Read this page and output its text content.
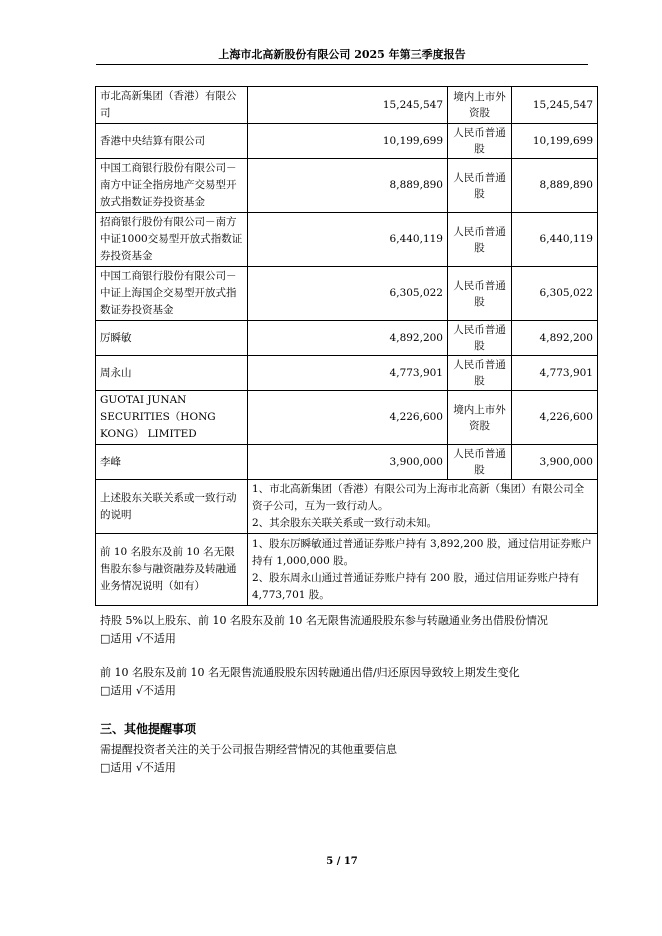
上海市北高新股份有限公司 2025 年第三季度报告
市北高新集团（香港）有限公司	15,245,547	境内上市外资股	15,245,547
香港中央结算有限公司	10,199,699	人民币普通股	10,199,699
中国工商银行股份有限公司－南方中证全指房地产交易型开放式指数证券投资基金	8,889,890	人民币普通股	8,889,890
招商银行股份有限公司－南方中证1000交易型开放式指数证券投资基金	6,440,119	人民币普通股	6,440,119
中国工商银行股份有限公司－中证上海国企交易型开放式指数证券投资基金	6,305,022	人民币普通股	6,305,022
厉瞬敏	4,892,200	人民币普通股	4,892,200
周永山	4,773,901	人民币普通股	4,773,901
GUOTAI JUNAN SECURITIES（HONG KONG） LIMITED	4,226,600	境内上市外资股	4,226,600
李峰	3,900,000	人民币普通股	3,900,000
上述股东关联关系或一致行动的说明	1、市北高新集团（香港）有限公司为上海市北高新（集团）有限公司全资子公司，互为一致行动人。
2、其余股东关联关系或一致行动未知。		

前 10 名股东及前 10 名无限售股东参与融资融券及转融通业务情况说明（如有）	1、股东厉瞬敏通过普通证券账户持有 3,892,200 股，通过信用证券账户持有 1,000,000 股。
2、股东周永山通过普通证券账户持有 200 股，通过信用证券账户持有 4,773,701 股。		
持股 5%以上股东、前 10 名股东及前 10 名无限售流通股股东参与转融通业务出借股份情况
□适用 √不适用
前 10 名股东及前 10 名无限售流通股股东因转融通出借/归还原因导致较上期发生变化
□适用 √不适用
三、其他提醒事项
需提醒投资者关注的关于公司报告期经营情况的其他重要信息
□适用 √不适用
5 / 17
